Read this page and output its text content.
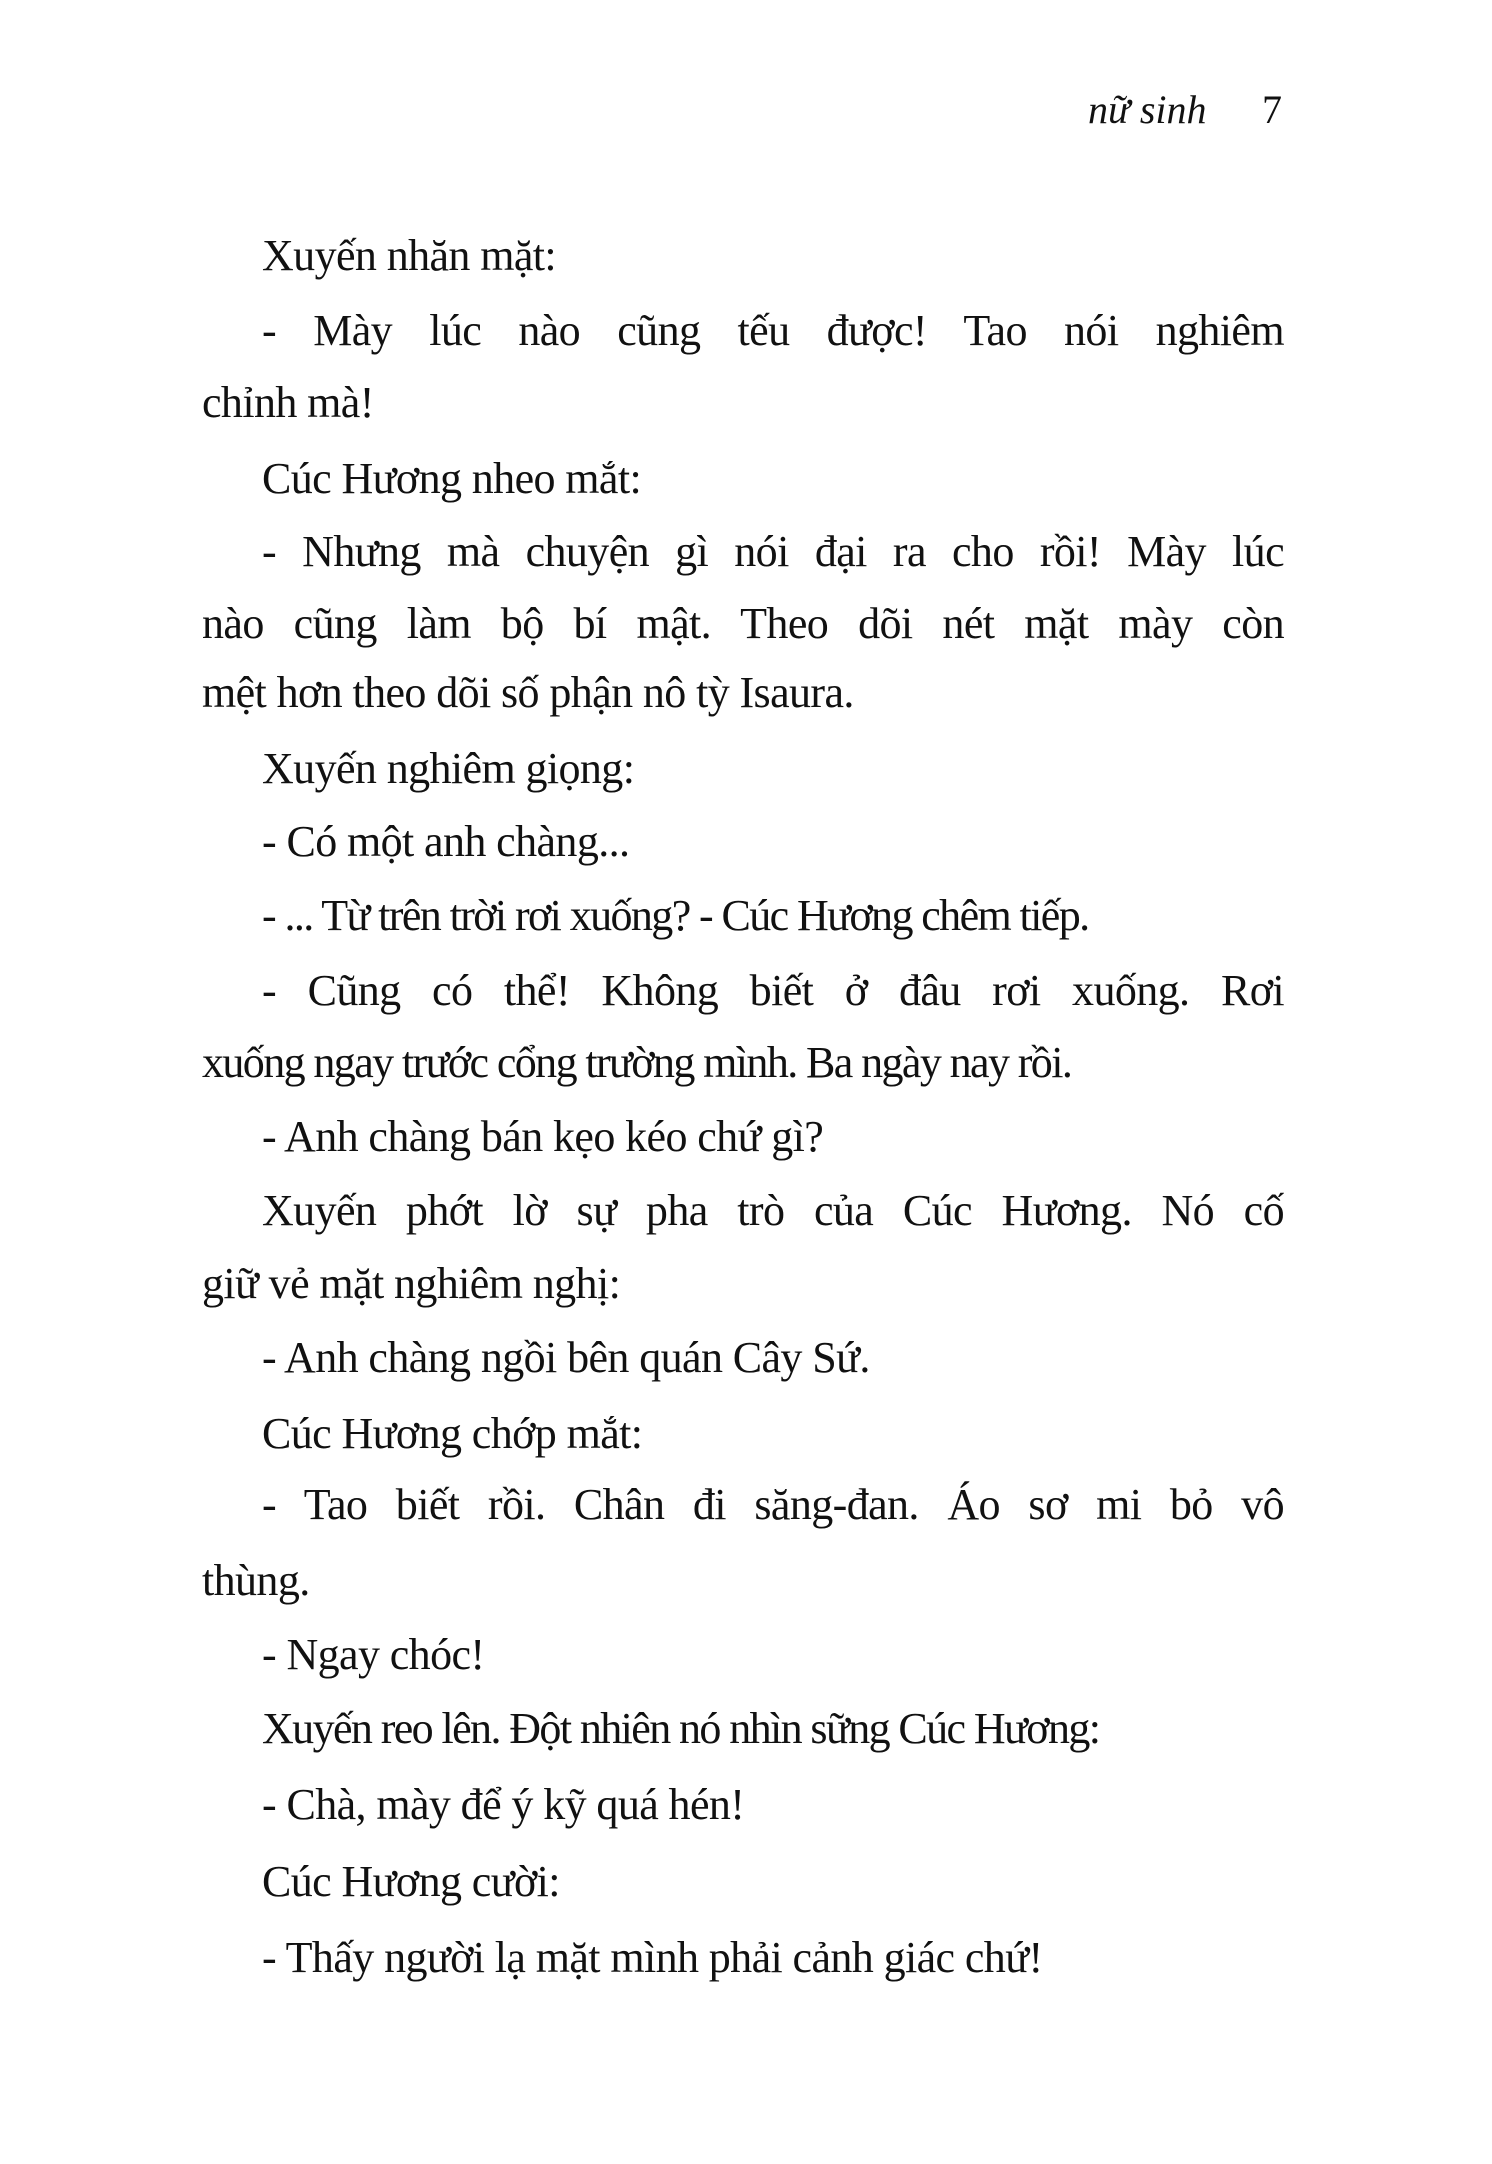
nữ sinh 7
Xuyến nhăn mặt:
- Mày lúc nào cũng tếu được! Tao nói nghiêm
chỉnh mà!
Cúc Hương nheo mắt:
- Nhưng mà chuyện gì nói đại ra cho rồi! Mày lúc
nào cũng làm bộ bí mật. Theo dõi nét mặt mày còn
mệt hơn theo dõi số phận nô tỳ Isaura.
Xuyến nghiêm giọng:
- Có một anh chàng...
- ... Từ trên trời rơi xuống? - Cúc Hương chêm tiếp.
- Cũng có thể! Không biết ở đâu rơi xuống. Rơi
xuống ngay trước cổng trường mình. Ba ngày nay rồi.
- Anh chàng bán kẹo kéo chứ gì?
Xuyến phớt lờ sự pha trò của Cúc Hương. Nó cố
giữ vẻ mặt nghiêm nghị:
- Anh chàng ngồi bên quán Cây Sứ.
Cúc Hương chớp mắt:
- Tao biết rồi. Chân đi săng-đan. Áo sơ mi bỏ vô
thùng.
- Ngay chóc!
Xuyến reo lên. Đột nhiên nó nhìn sững Cúc Hương:
- Chà, mày để ý kỹ quá hén!
Cúc Hương cười:
- Thấy người lạ mặt mình phải cảnh giác chứ!
